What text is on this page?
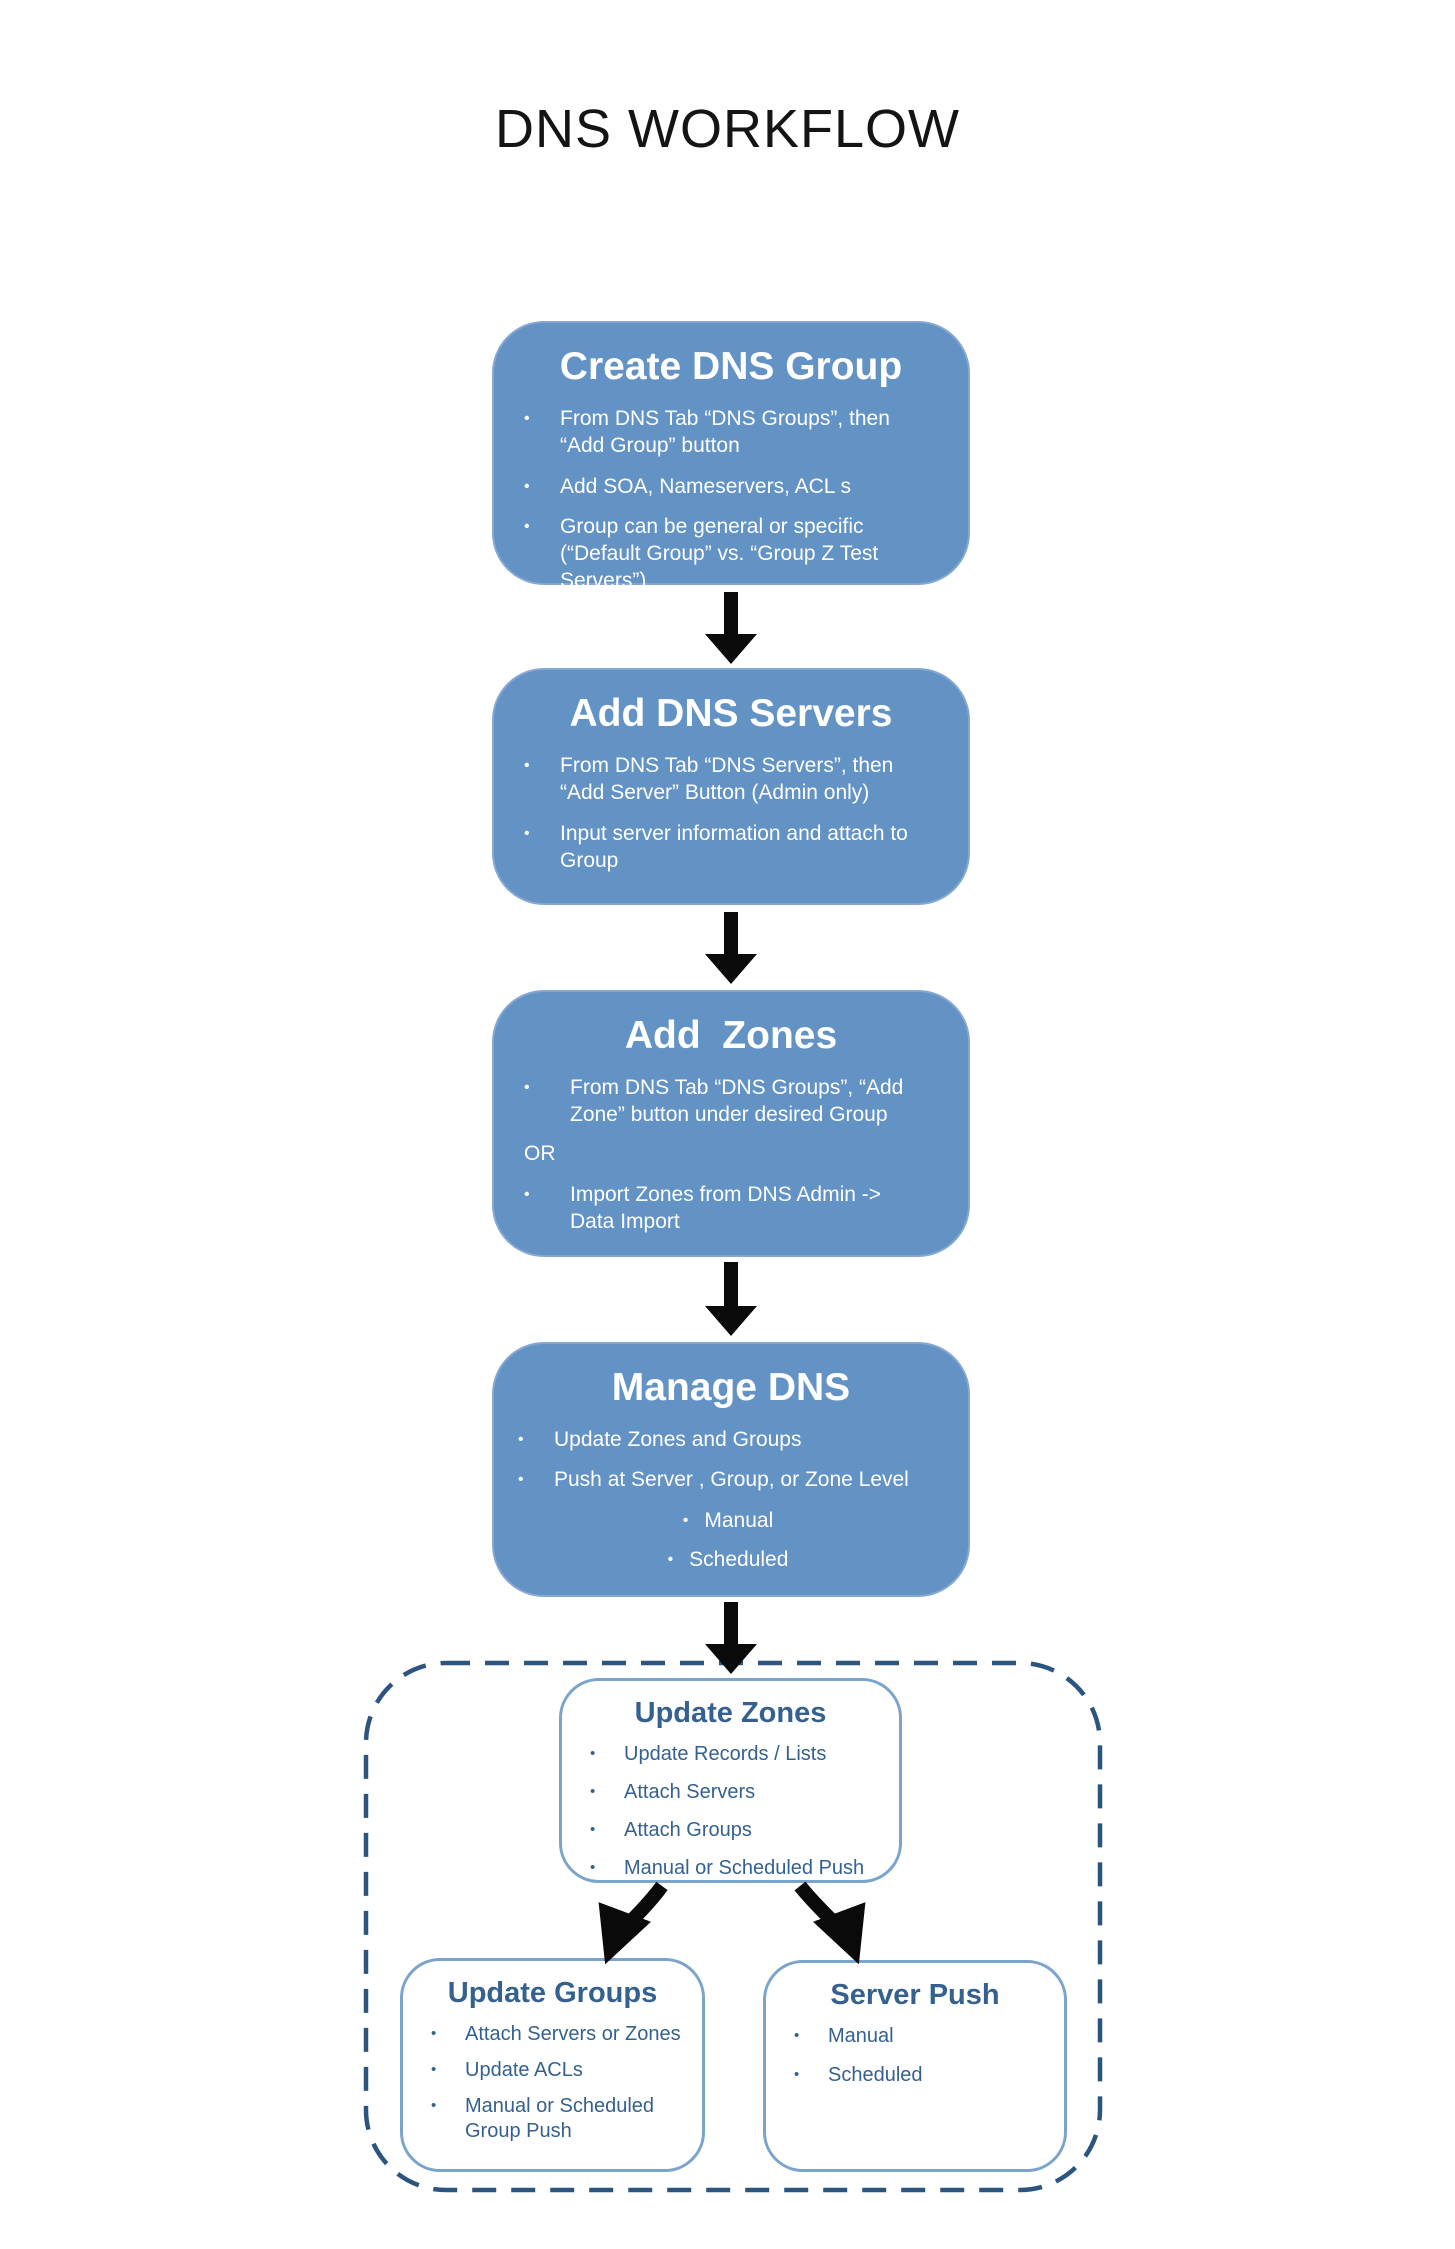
DNS WORKFLOW
Create DNS Group
•
From DNS Tab “DNS Groups”, then “Add Group” button
•
Add SOA, Nameservers, ACL s
•
Group can be general or specific (“Default Group” vs. “Group Z Test Servers”)
Add DNS Servers
•
From DNS Tab “DNS Servers”, then “Add Server” Button (Admin only)
•
Input server information and attach to Group
Add  Zones
•
From DNS Tab “DNS Groups”, “Add Zone” button under desired Group
OR
•
Import Zones from DNS Admin -> Data Import
Manage DNS
•
Update Zones and Groups
•
Push at Server , Group, or Zone Level
•
Manual
•
Scheduled
Update Zones
•
Update Records / Lists
•
Attach Servers
•
Attach Groups
•
Manual or Scheduled Push
Update Groups
•
Attach Servers or Zones
•
Update ACLs
•
Manual or Scheduled Group Push
Server Push
•
Manual
•
Scheduled
